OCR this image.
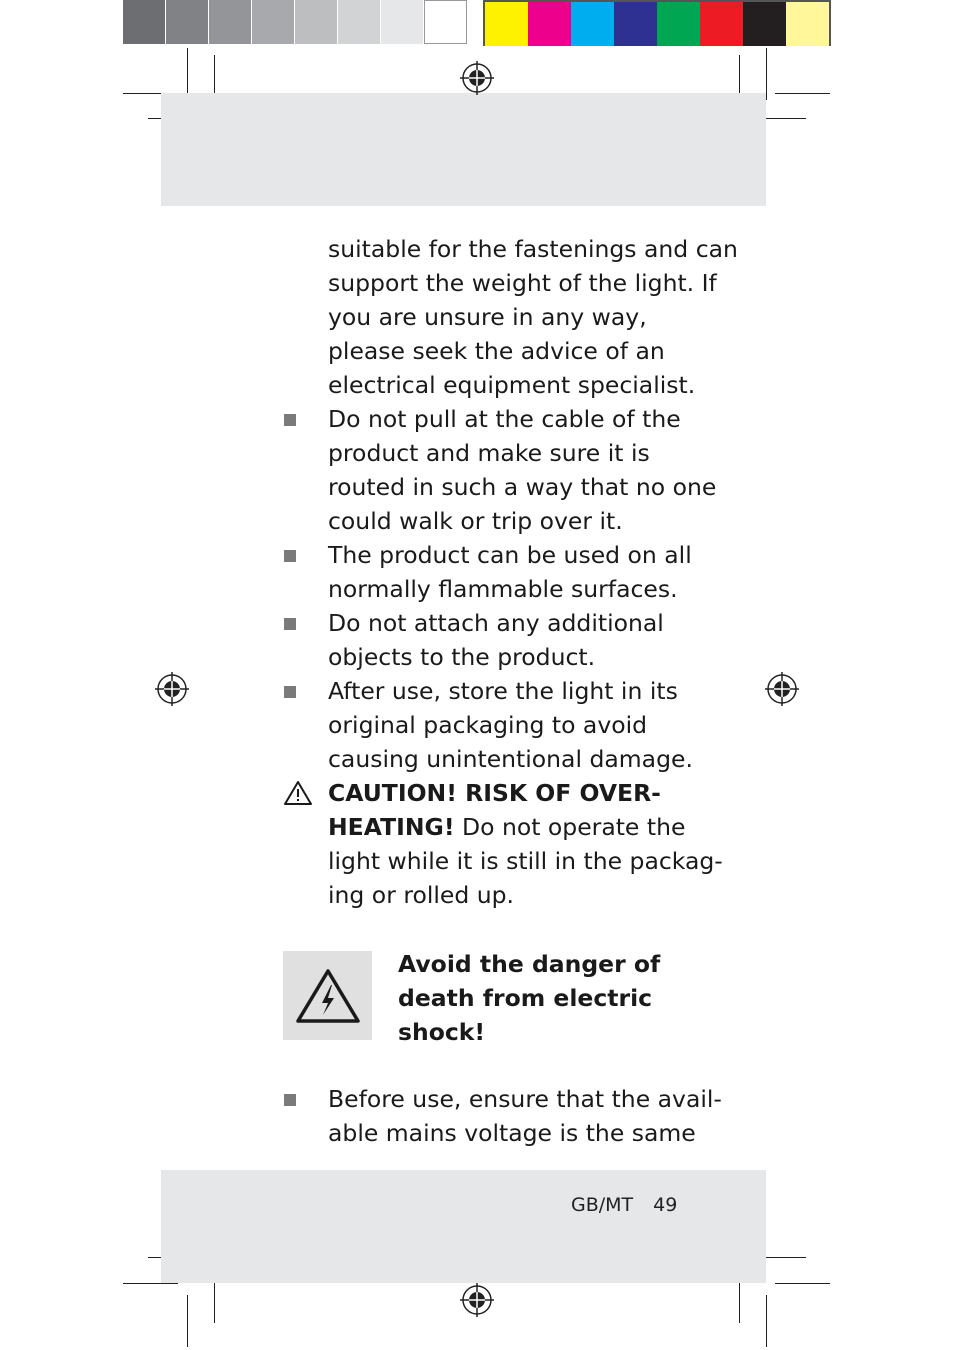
suitable for the fastenings and can
support the weight of the light. If
you are unsure in any way,
please seek the advice of an
electrical equipment specialist.
Do not pull at the cable of the
product and make sure it is
routed in such a way that no one
could walk or trip over it.
The product can be used on all
normally flammable surfaces.
Do not attach any additional
objects to the product.
After use, store the light in its
original packaging to avoid
causing unintentional damage.
CAUTION! RISK OF OVER-
HEATING! Do not operate the
light while it is still in the packag-
ing or rolled up.
Avoid the danger of
death from electric
shock!
Before use, ensure that the avail-
able mains voltage is the same
GB/MT 49
